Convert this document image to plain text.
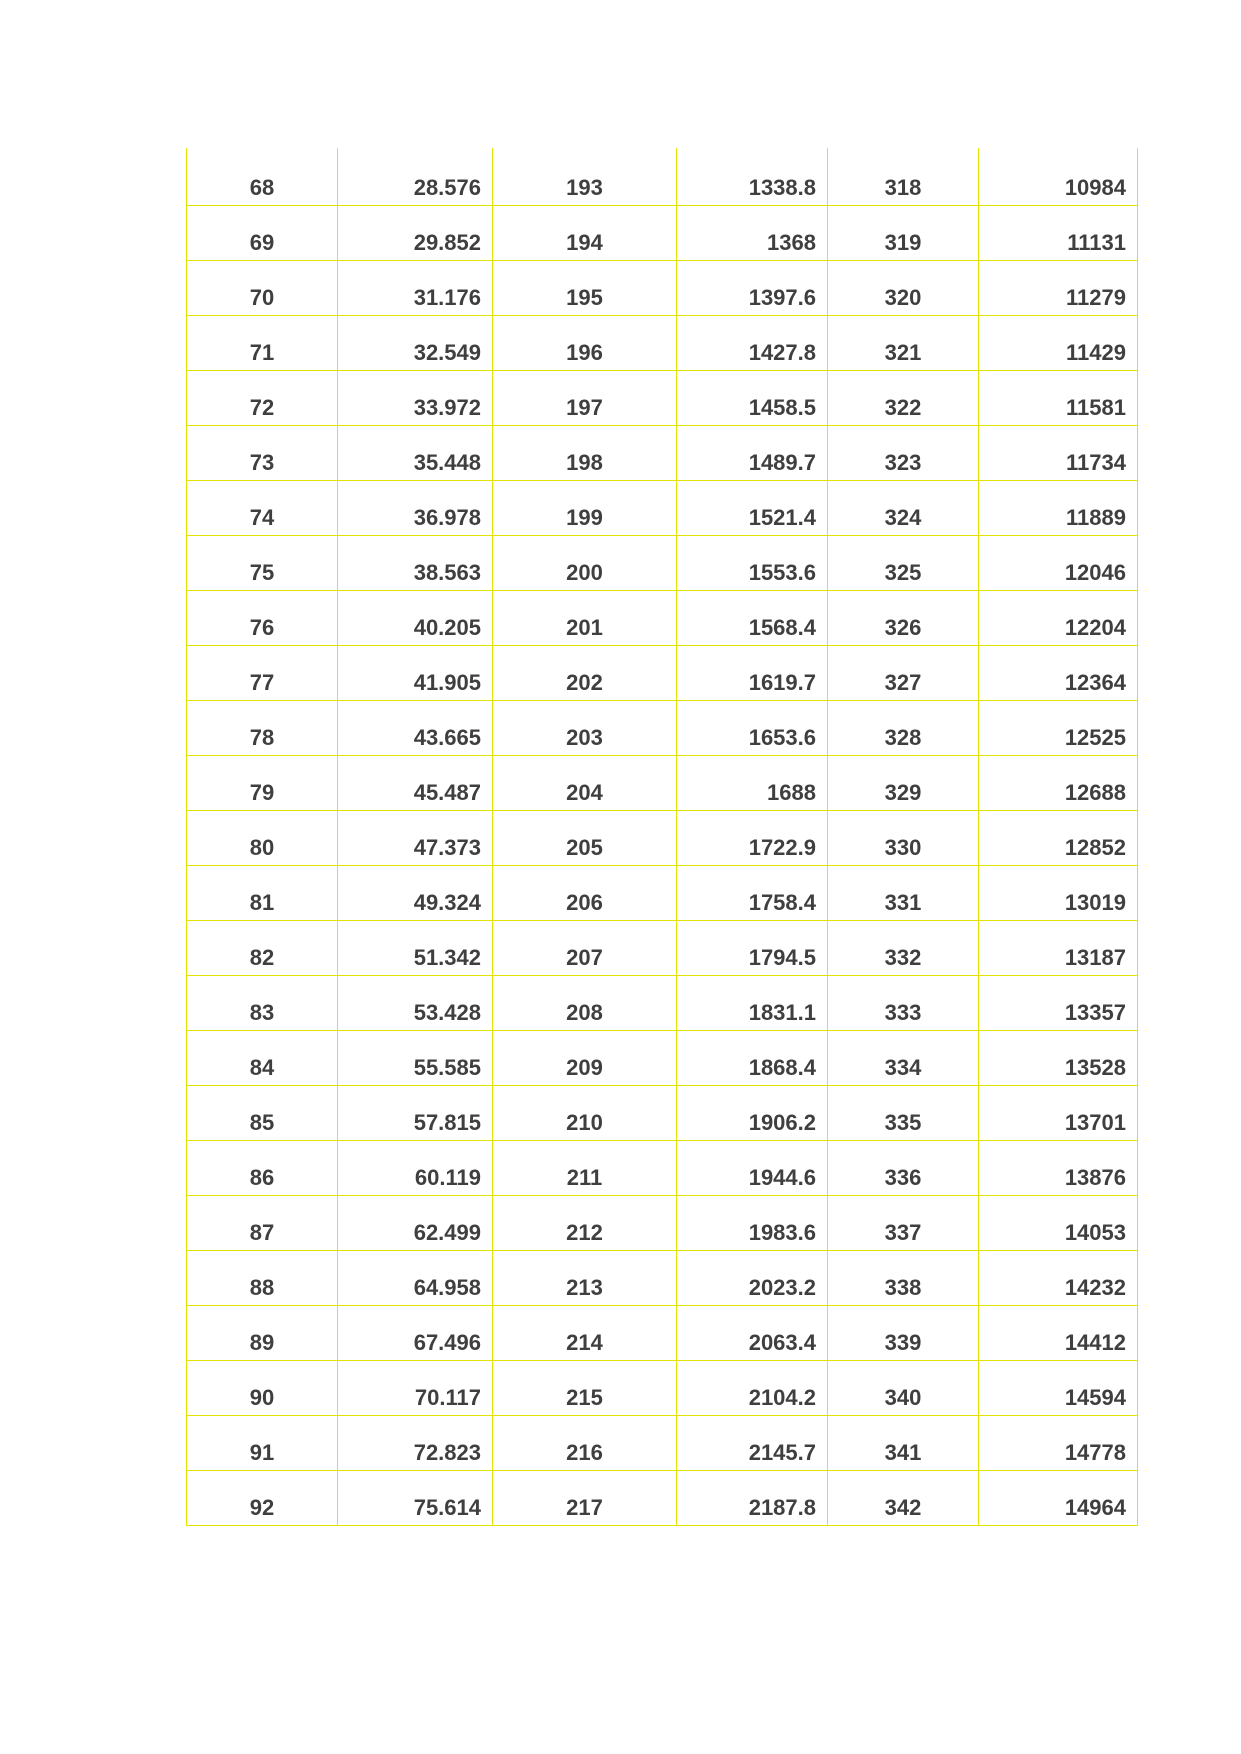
68	28.576	193	1338.8	318	10984
69	29.852	194	1368	319	11131
70	31.176	195	1397.6	320	11279
71	32.549	196	1427.8	321	11429
72	33.972	197	1458.5	322	11581
73	35.448	198	1489.7	323	11734
74	36.978	199	1521.4	324	11889
75	38.563	200	1553.6	325	12046
76	40.205	201	1568.4	326	12204
77	41.905	202	1619.7	327	12364
78	43.665	203	1653.6	328	12525
79	45.487	204	1688	329	12688
80	47.373	205	1722.9	330	12852
81	49.324	206	1758.4	331	13019
82	51.342	207	1794.5	332	13187
83	53.428	208	1831.1	333	13357
84	55.585	209	1868.4	334	13528
85	57.815	210	1906.2	335	13701
86	60.119	211	1944.6	336	13876
87	62.499	212	1983.6	337	14053
88	64.958	213	2023.2	338	14232
89	67.496	214	2063.4	339	14412
90	70.117	215	2104.2	340	14594
91	72.823	216	2145.7	341	14778
92	75.614	217	2187.8	342	14964
